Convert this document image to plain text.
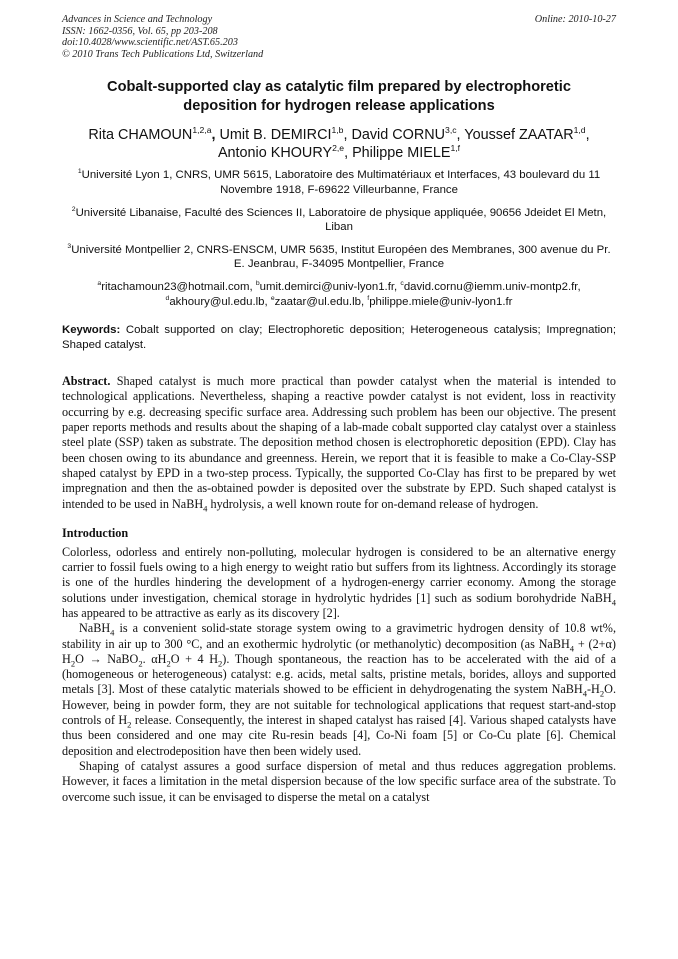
Advances in Science and Technology
ISSN: 1662-0356, Vol. 65, pp 203-208
doi:10.4028/www.scientific.net/AST.65.203
© 2010 Trans Tech Publications Ltd, Switzerland
Online: 2010-10-27
Cobalt-supported clay as catalytic film prepared by electrophoretic deposition for hydrogen release applications
Rita CHAMOUN$^{1,2,a}$, Umit B. DEMIRCI$^{1,b}$, David CORNU$^{3,c}$, Youssef ZAATAR$^{1,d}$, Antonio KHOURY$^{2,e}$, Philippe MIELE$^{1,f}$

$^1$Université Lyon 1, CNRS, UMR 5615, Laboratoire des Multimatériaux et Interfaces, 43 boulevard du 11 Novembre 1918, F-69622 Villeurbanne, France

$^2$Université Libanaise, Faculté des Sciences II, Laboratoire de physique appliquée, 90656 Jdeidet El Metn, Liban

$^3$Université Montpellier 2, CNRS-ENSCM, UMR 5635, Institut Européen des Membranes, 300 avenue du Pr. E. Jeanbrau, F-34095 Montpellier, France

$^a$ritachamoun23@hotmail.com, $^b$umit.demirci@univ-lyon1.fr, $^c$david.cornu@iemm.univ-montp2.fr,
$^d$akhoury@ul.edu.lb, $^e$zaatar@ul.edu.lb, $^f$philippe.miele@univ-lyon1.fr
Keywords: Cobalt supported on clay; Electrophoretic deposition; Heterogeneous catalysis; Impregnation; Shaped catalyst.
Abstract. Shaped catalyst is much more practical than powder catalyst when the material is intended to technological applications. Nevertheless, shaping a reactive powder catalyst is not evident, loss in reactivity occurring by e.g. decreasing specific surface area. Addressing such problem has been our objective. The present paper reports methods and results about the shaping of a lab-made cobalt supported clay catalyst over a stainless steel plate (SSP) taken as substrate. The deposition method chosen is electrophoretic deposition (EPD). Clay has been chosen owing to its abundance and greenness. Herein, we report that it is feasible to make a Co-Clay-SSP shaped catalyst by EPD in a two-step process. Typically, the supported Co-Clay has first to be prepared by wet impregnation and then the as-obtained powder is deposited over the substrate by EPD. Such shaped catalyst is intended to be used in NaBH$_4$ hydrolysis, a well known route for on-demand release of hydrogen.
Introduction

Colorless, odorless and entirely non-polluting, molecular hydrogen is considered to be an alternative energy carrier to fossil fuels owing to a high energy to weight ratio but suffers from its lightness. Accordingly its storage is one of the hurdles hindering the development of a hydrogen-energy carrier economy. Among the storage solutions under investigation, chemical storage in hydrolytic hydrides [1] such as sodium borohydride NaBH$_4$ has appeared to be attractive as early as its discovery [2].

NaBH$_4$ is a convenient solid-state storage system owing to a gravimetric hydrogen density of 10.8 wt%, stability in air up to 300 °C, and an exothermic hydrolytic (or methanolytic) decomposition (as NaBH$_4$ + (2+α) $H_2O$ → NaBO$_2$. $\alpha H_2O + 4$ $H_2$). Though spontaneous, the reaction has to be accelerated with the aid of a (homogeneous or heterogeneous) catalyst: e.g. acids, metal salts, pristine metals, borides, alloys and supported metals [3]. Most of these catalytic materials showed to be efficient in dehydrogenating the system $NaBH_4-H_2O$. However, being in powder form, they are not suitable for technological applications that request start-and-stop controls of $H_2$ release. Consequently, the interest in shaped catalyst has raised [4]. Various shaped catalysts have thus been considered and one may cite Ru-resin beads [4], Co-Ni foam [5] or Co-Cu plate [6]. Chemical deposition and electrodeposition have then been widely used.

Shaping of catalyst assures a good surface dispersion of metal and thus reduces aggregation problems. However, it faces a limitation in the metal dispersion because of the low specific surface area of the substrate. To overcome such issue, it can be envisaged to disperse the metal on a catalyst
